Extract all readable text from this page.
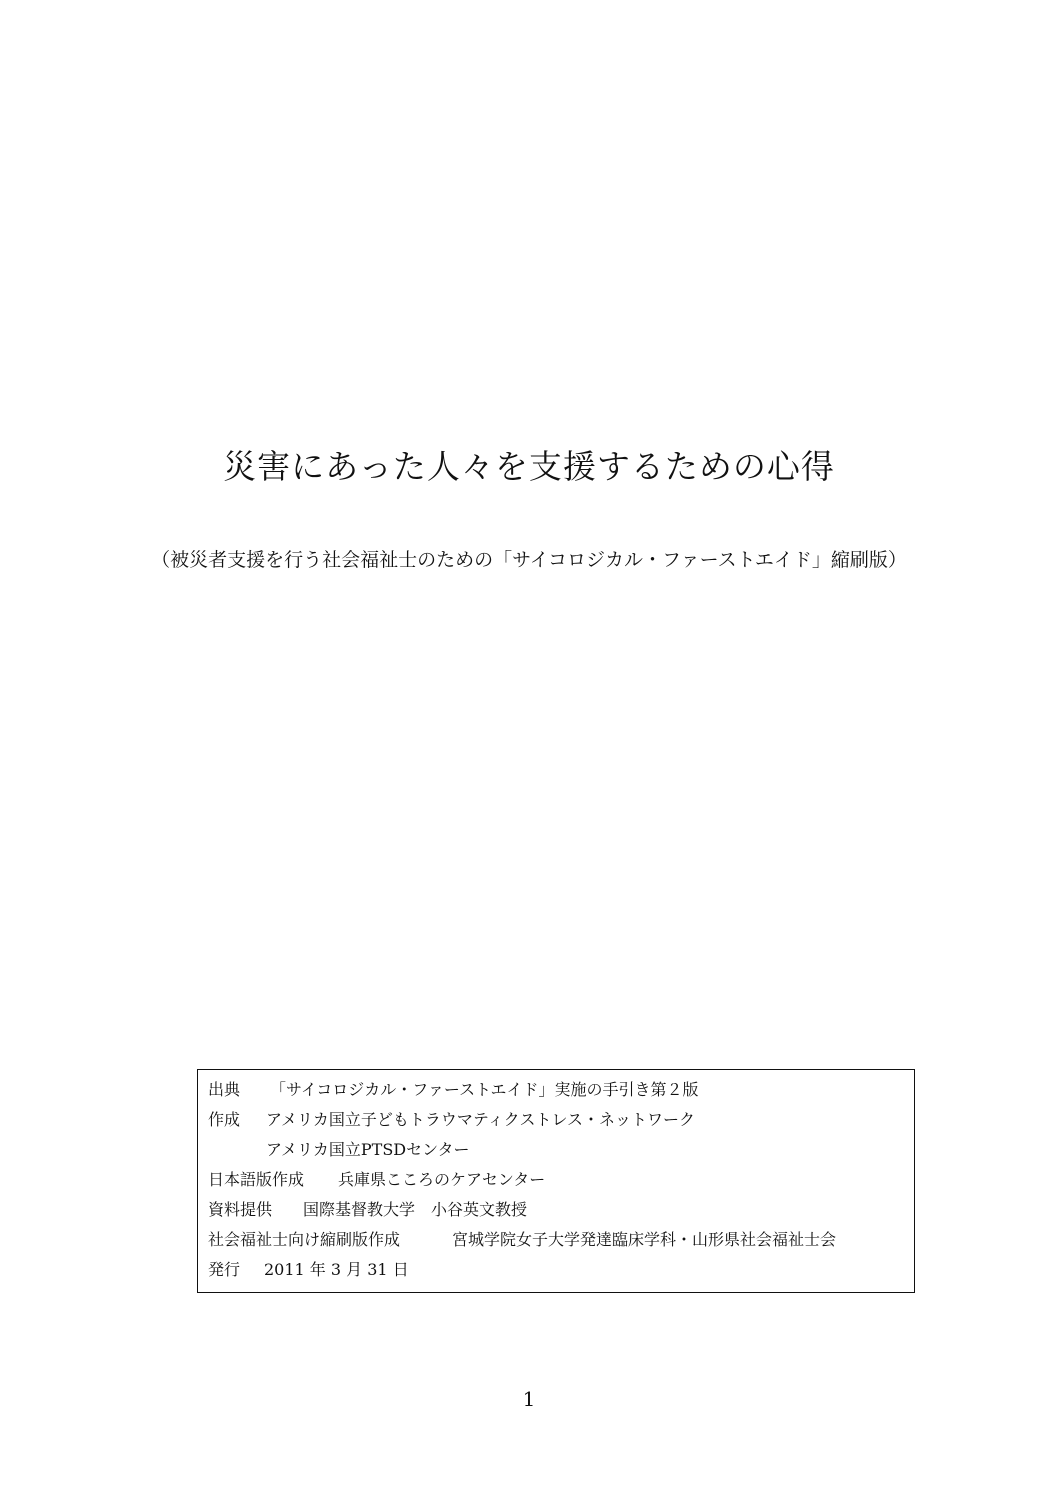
災害にあった人々を支援するための心得
（被災者支援を行う社会福祉士のための「サイコロジカル・ファーストエイド」縮刷版）
出典	「サイコロジカル・ファーストエイド」実施の手引き第２版
作成	アメリカ国立子どもトラウマティクストレス・ネットワーク
アメリカ国立PTSDセンター
日本語版作成	兵庫県こころのケアセンター
資料提供	国際基督教大学　小谷英文教授
社会福祉士向け縮刷版作成	宮城学院女子大学発達臨床学科・山形県社会福祉士会
発行	2011 年 3 月 31 日
1
